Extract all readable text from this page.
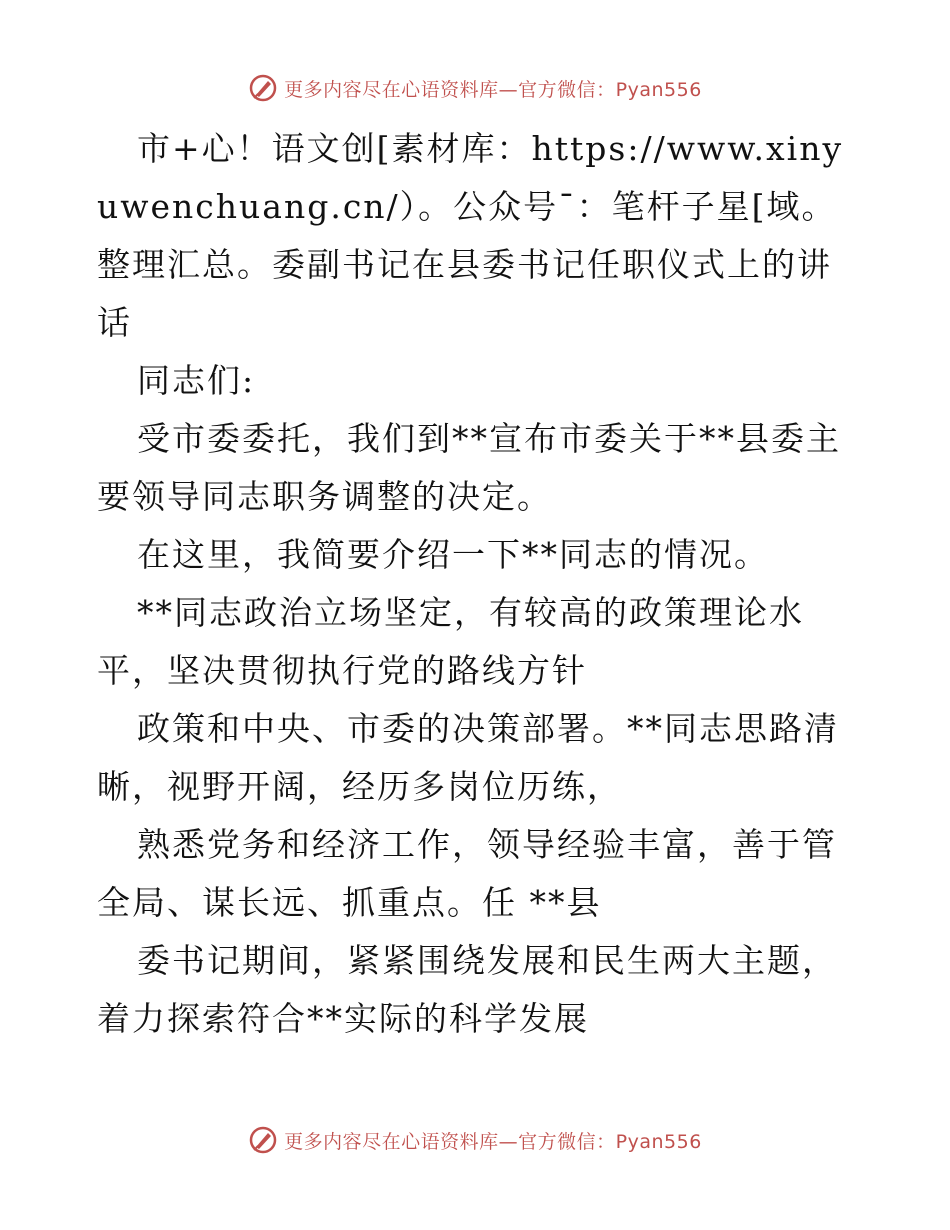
更多内容尽在心语资料库—官方微信：Pyan556

市+心！语文创[素材库：https://www.xinyuwenchuang.cn/）。公众号¯：笔杆子星[域。整理汇总。委副书记在县委书记任职仪式上的讲话

同志们:

受市委委托，我们到**宣布市委关于**县委主要领导同志职务调整的决定。

在这里，我简要介绍一下**同志的情况。

**同志政治立场坚定，有较高的政策理论水平，坚决贯彻执行党的路线方针

政策和中央、市委的决策部署。**同志思路清晰，视野开阔，经历多岗位历练，

熟悉党务和经济工作，领导经验丰富，善于管全局、谋长远、抓重点。任 **县

委书记期间，紧紧围绕发展和民生两大主题，着力探索符合**实际的科学发展

更多内容尽在心语资料库—官方微信：Pyan556
